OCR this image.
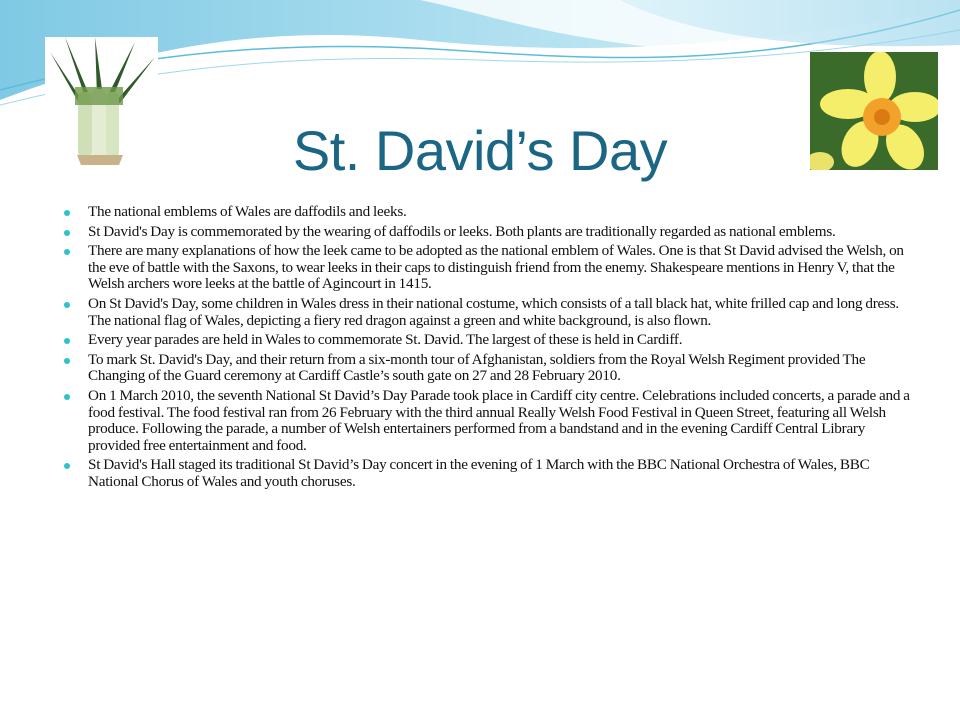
St. David’s Day
The national emblems of Wales are daffodils and leeks.
St David's Day is commemorated by the wearing of daffodils or leeks. Both plants are traditionally regarded as national emblems.
There are many explanations of how the leek came to be adopted as the national emblem of Wales. One is that St David advised the Welsh, on the eve of battle with the Saxons, to wear leeks in their caps to distinguish friend from the enemy. Shakespeare mentions in Henry V, that the Welsh archers wore leeks at the battle of Agincourt in 1415.
On St David's Day, some children in Wales dress in their national costume, which consists of a tall black hat, white frilled cap and long dress. The national flag of Wales, depicting a fiery red dragon against a green and white background, is also flown.
Every year parades are held in Wales to commemorate St. David. The largest of these is held in Cardiff.
To mark St. David's Day, and their return from a six-month tour of Afghanistan, soldiers from the Royal Welsh Regiment provided The Changing of the Guard ceremony at Cardiff Castle’s south gate on 27 and 28 February 2010.
On 1 March 2010, the seventh National St David’s Day Parade took place in Cardiff city centre. Celebrations included concerts, a parade and a food festival. The food festival ran from 26 February with the third annual Really Welsh Food Festival in Queen Street, featuring all Welsh produce. Following the parade, a number of Welsh entertainers performed from a bandstand and in the evening Cardiff Central Library provided free entertainment and food.
St David's Hall staged its traditional St David’s Day concert in the evening of 1 March with the BBC National Orchestra of Wales, BBC National Chorus of Wales and youth choruses.
